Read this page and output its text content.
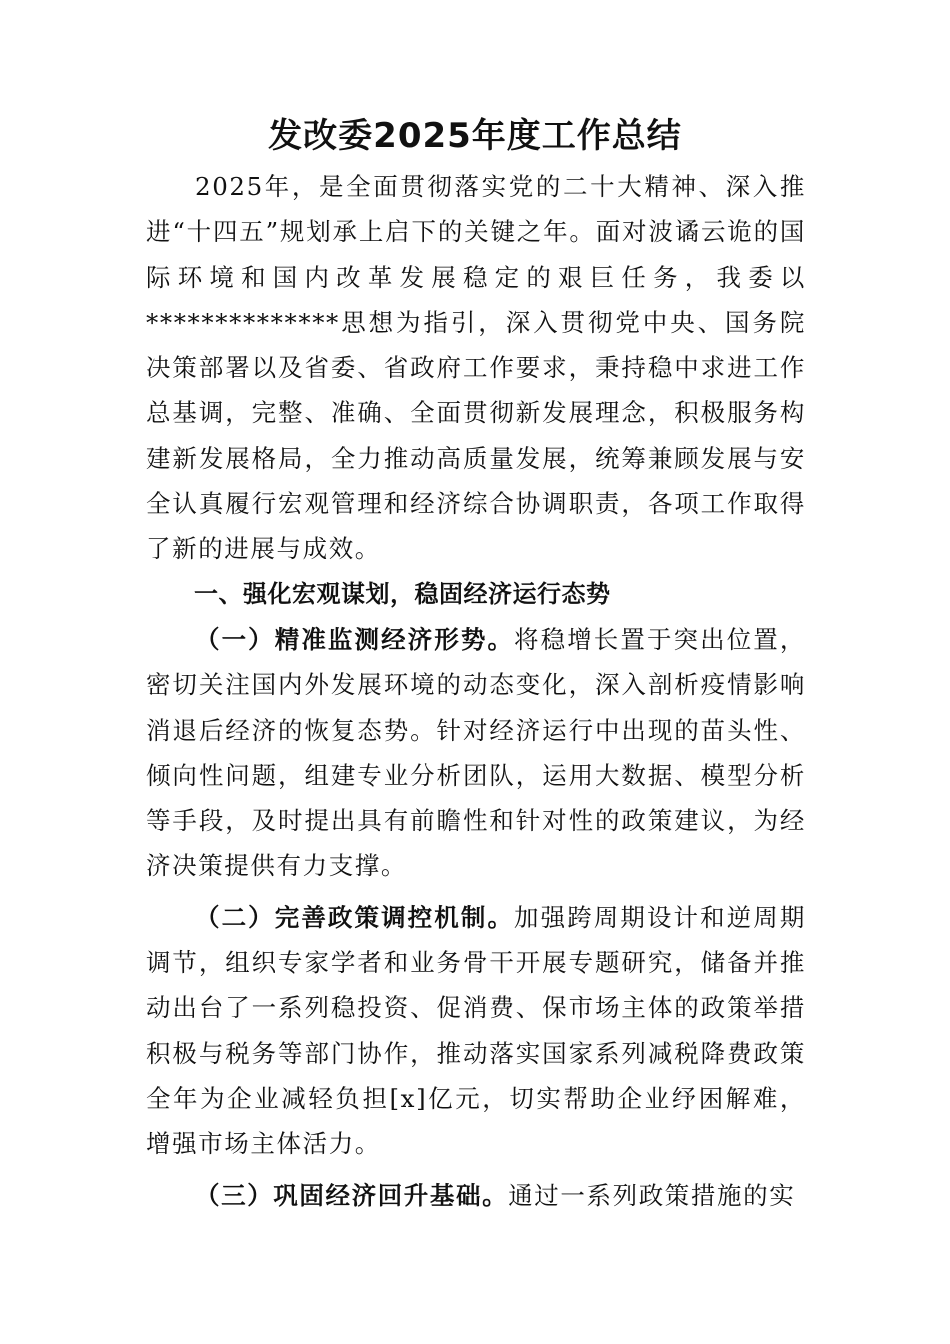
发改委2025年度工作总结

2025年，是全面贯彻落实党的二十大精神、深入推进“十四五”规划承上启下的关键之年。面对波谲云诡的国际环境和国内改革发展稳定的艰巨任务，我委以**************思想为指引，深入贯彻党中央、国务院决策部署以及省委、省政府工作要求，秉持稳中求进工作总基调，完整、准确、全面贯彻新发展理念，积极服务构建新发展格局，全力推动高质量发展，统筹兼顾发展与安全认真履行宏观管理和经济综合协调职责，各项工作取得了新的进展与成效。

一、强化宏观谋划，稳固经济运行态势

（一）精准监测经济形势。将稳增长置于突出位置，密切关注国内外发展环境的动态变化，深入剖析疫情影响消退后经济的恢复态势。针对经济运行中出现的苗头性、倾向性问题，组建专业分析团队，运用大数据、模型分析等手段，及时提出具有前瞻性和针对性的政策建议，为经济决策提供有力支撑。

（二）完善政策调控机制。加强跨周期设计和逆周期调节，组织专家学者和业务骨干开展专题研究，储备并推动出台了一系列稳投资、促消费、保市场主体的政策举措积极与税务等部门协作，推动落实国家系列减税降费政策全年为企业减轻负担[x]亿元，切实帮助企业纾困解难，增强市场主体活力。

（三）巩固经济回升基础。通过一系列政策措施的实
